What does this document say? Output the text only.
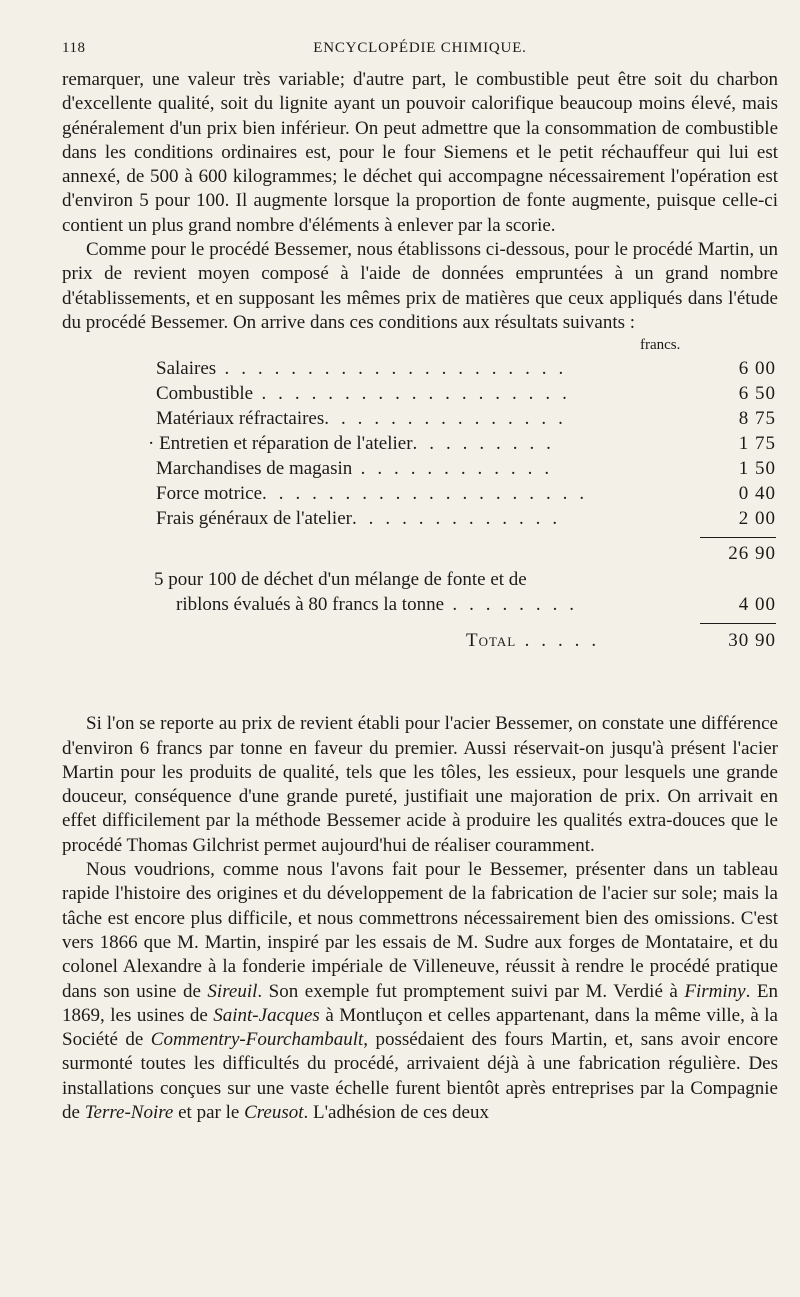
118	ENCYCLOPÉDIE CHIMIQUE.

remarquer, une valeur très variable; d'autre part, le combustible peut être soit du charbon d'excellente qualité, soit du lignite ayant un pouvoir calorifique beaucoup moins élevé, mais généralement d'un prix bien inférieur. On peut admettre que la consommation de combustible dans les conditions ordinaires est, pour le four Siemens et le petit réchauffeur qui lui est annexé, de 500 à 600 kilogrammes; le déchet qui accompagne nécessairement l'opération est d'environ 5 pour 100. Il augmente lorsque la proportion de fonte augmente, puisque celle-ci contient un plus grand nombre d'éléments à enlever par la scorie.

Comme pour le procédé Bessemer, nous établissons ci-dessous, pour le procédé Martin, un prix de revient moyen composé à l'aide de données empruntées à un grand nombre d'établissements, et en supposant les mêmes prix de matières que ceux appliqués dans l'étude du procédé Bessemer. On arrive dans ces conditions aux résultats suivants :

francs.
Salaires . . . . . . . . . . . . . . . . . . . . .	6 00
Combustible . . . . . . . . . . . . . . . . . . .	6 50
Matériaux réfractaires. . . . . . . . . . . . . . .	8 75
· Entretien et réparation de l'atelier. . . . . . . . .	1 75
Marchandises de magasin . . . . . . . . . . . .	1 50
Force motrice. . . . . . . . . . . . . . . . . . . .	0 40
Frais généraux de l'atelier. . . . . . . . . . . . .	2 00
26 90
5 pour 100 de déchet d'un mélange de fonte et de
riblons évalués à 80 francs la tonne . . . . . . . .	4 00
Total . . . . .	30 90

Si l'on se reporte au prix de revient établi pour l'acier Bessemer, on constate une différence d'environ 6 francs par tonne en faveur du premier. Aussi réservait-on jusqu'à présent l'acier Martin pour les produits de qualité, tels que les tôles, les essieux, pour lesquels une grande douceur, conséquence d'une grande pureté, justifiait une majoration de prix. On arrivait en effet difficilement par la méthode Bessemer acide à produire les qualités extra-douces que le procédé Thomas Gilchrist permet aujourd'hui de réaliser couramment.

Nous voudrions, comme nous l'avons fait pour le Bessemer, présenter dans un tableau rapide l'histoire des origines et du développement de la fabrication de l'acier sur sole; mais la tâche est encore plus difficile, et nous commettrons nécessairement bien des omissions. C'est vers 1866 que M. Martin, inspiré par les essais de M. Sudre aux forges de Montataire, et du colonel Alexandre à la fonderie impériale de Villeneuve, réussit à rendre le procédé pratique dans son usine de Sireuil. Son exemple fut promptement suivi par M. Verdié à Firminy. En 1869, les usines de Saint-Jacques à Montluçon et celles appartenant, dans la même ville, à la Société de Commentry-Fourchambault, possédaient des fours Martin, et, sans avoir encore surmonté toutes les difficultés du procédé, arrivaient déjà à une fabrication régulière. Des installations conçues sur une vaste échelle furent bientôt après entreprises par la Compagnie de Terre-Noire et par le Creusot. L'adhésion de ces deux
